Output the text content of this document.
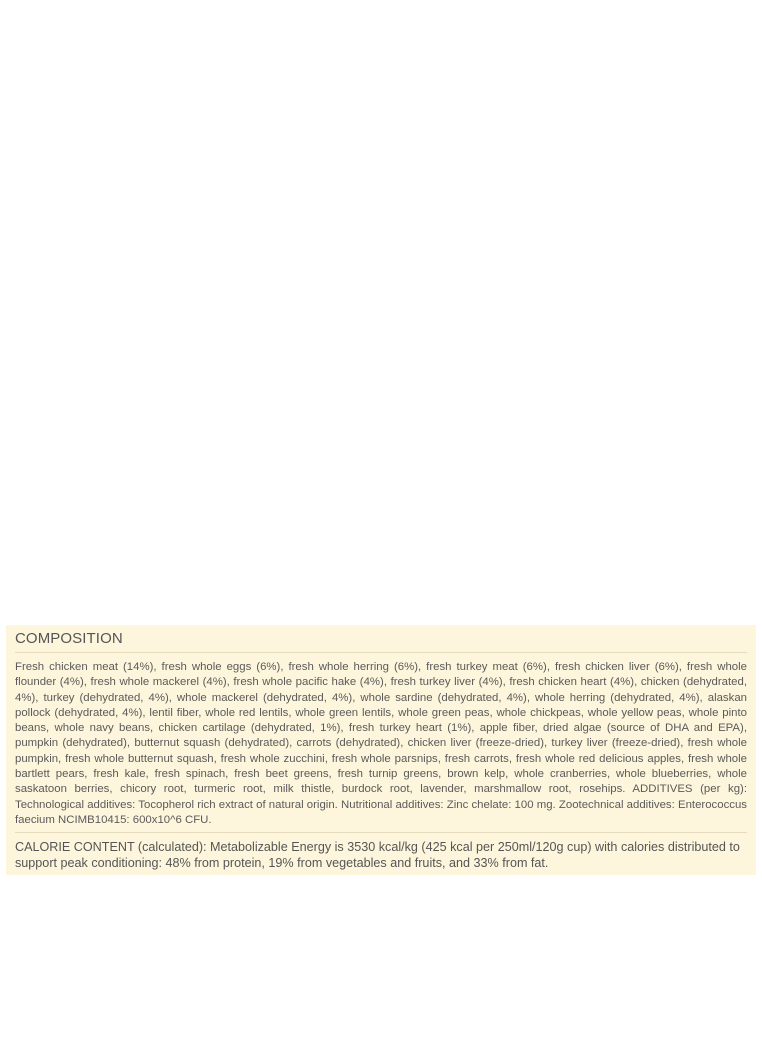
COMPOSITION

Fresh chicken meat (14%), fresh whole eggs (6%), fresh whole herring (6%), fresh turkey meat (6%), fresh chicken liver (6%), fresh whole flounder (4%), fresh whole mackerel (4%), fresh whole pacific hake (4%), fresh turkey liver (4%), fresh chicken heart (4%), chicken (dehydrated, 4%), turkey (dehydrated, 4%), whole mackerel (dehydrated, 4%), whole sardine (dehydrated, 4%), whole herring (dehydrated, 4%), alaskan pollock (dehydrated, 4%), lentil fiber, whole red lentils, whole green lentils, whole green peas, whole chickpeas, whole yellow peas, whole pinto beans, whole navy beans, chicken cartilage (dehydrated, 1%), fresh turkey heart (1%), apple fiber, dried algae (source of DHA and EPA), pumpkin (dehydrated), butternut squash (dehydrated), carrots (dehydrated), chicken liver (freeze-dried), turkey liver (freeze-dried), fresh whole pumpkin, fresh whole butternut squash, fresh whole zucchini, fresh whole parsnips, fresh carrots, fresh whole red delicious apples, fresh whole bartlett pears, fresh kale, fresh spinach, fresh beet greens, fresh turnip greens, brown kelp, whole cranberries, whole blueberries, whole saskatoon berries, chicory root, turmeric root, milk thistle, burdock root, lavender, marshmallow root, rosehips. ADDITIVES (per kg): Technological additives: Tocopherol rich extract of natural origin. Nutritional additives: Zinc chelate: 100 mg. Zootechnical additives: Enterococcus faecium NCIMB10415: 600x10^6 CFU.

CALORIE CONTENT (calculated): Metabolizable Energy is 3530 kcal/kg (425 kcal per 250ml/120g cup) with calories distributed to support peak conditioning: 48% from protein, 19% from vegetables and fruits, and 33% from fat.
